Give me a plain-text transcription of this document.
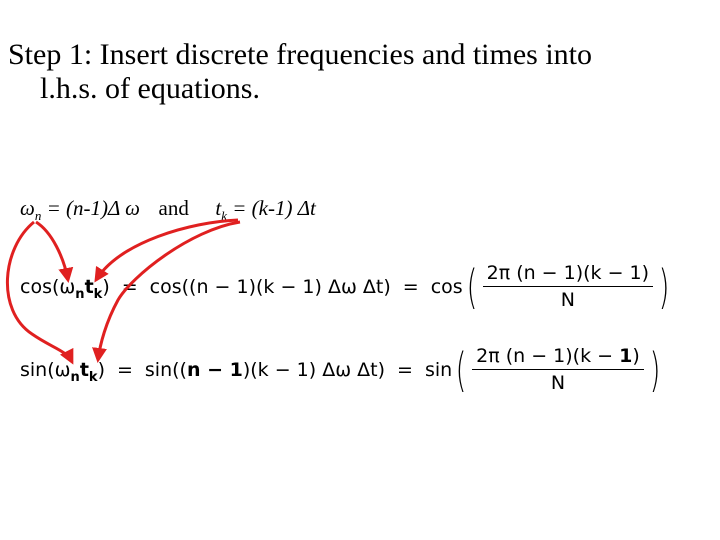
Step 1: Insert discrete frequencies and times into
l.h.s. of equations.
$\omega_n = (n-1)\Delta$ ω and $t_k = (k-1)$ Δt
$\cos(\omega_nt_k) = \cos((n - 1)(k - 1)$ Δω Δt) = cos ( $\frac{2\pi (n - 1)(k - 1)}{N}$ )
$\sin(\omega_nt_k) = \sin((n - 1)(k - 1)$ Δω Δt) = sin ( $\frac{2\pi (n - 1)(k - 1)}{N}$ )
